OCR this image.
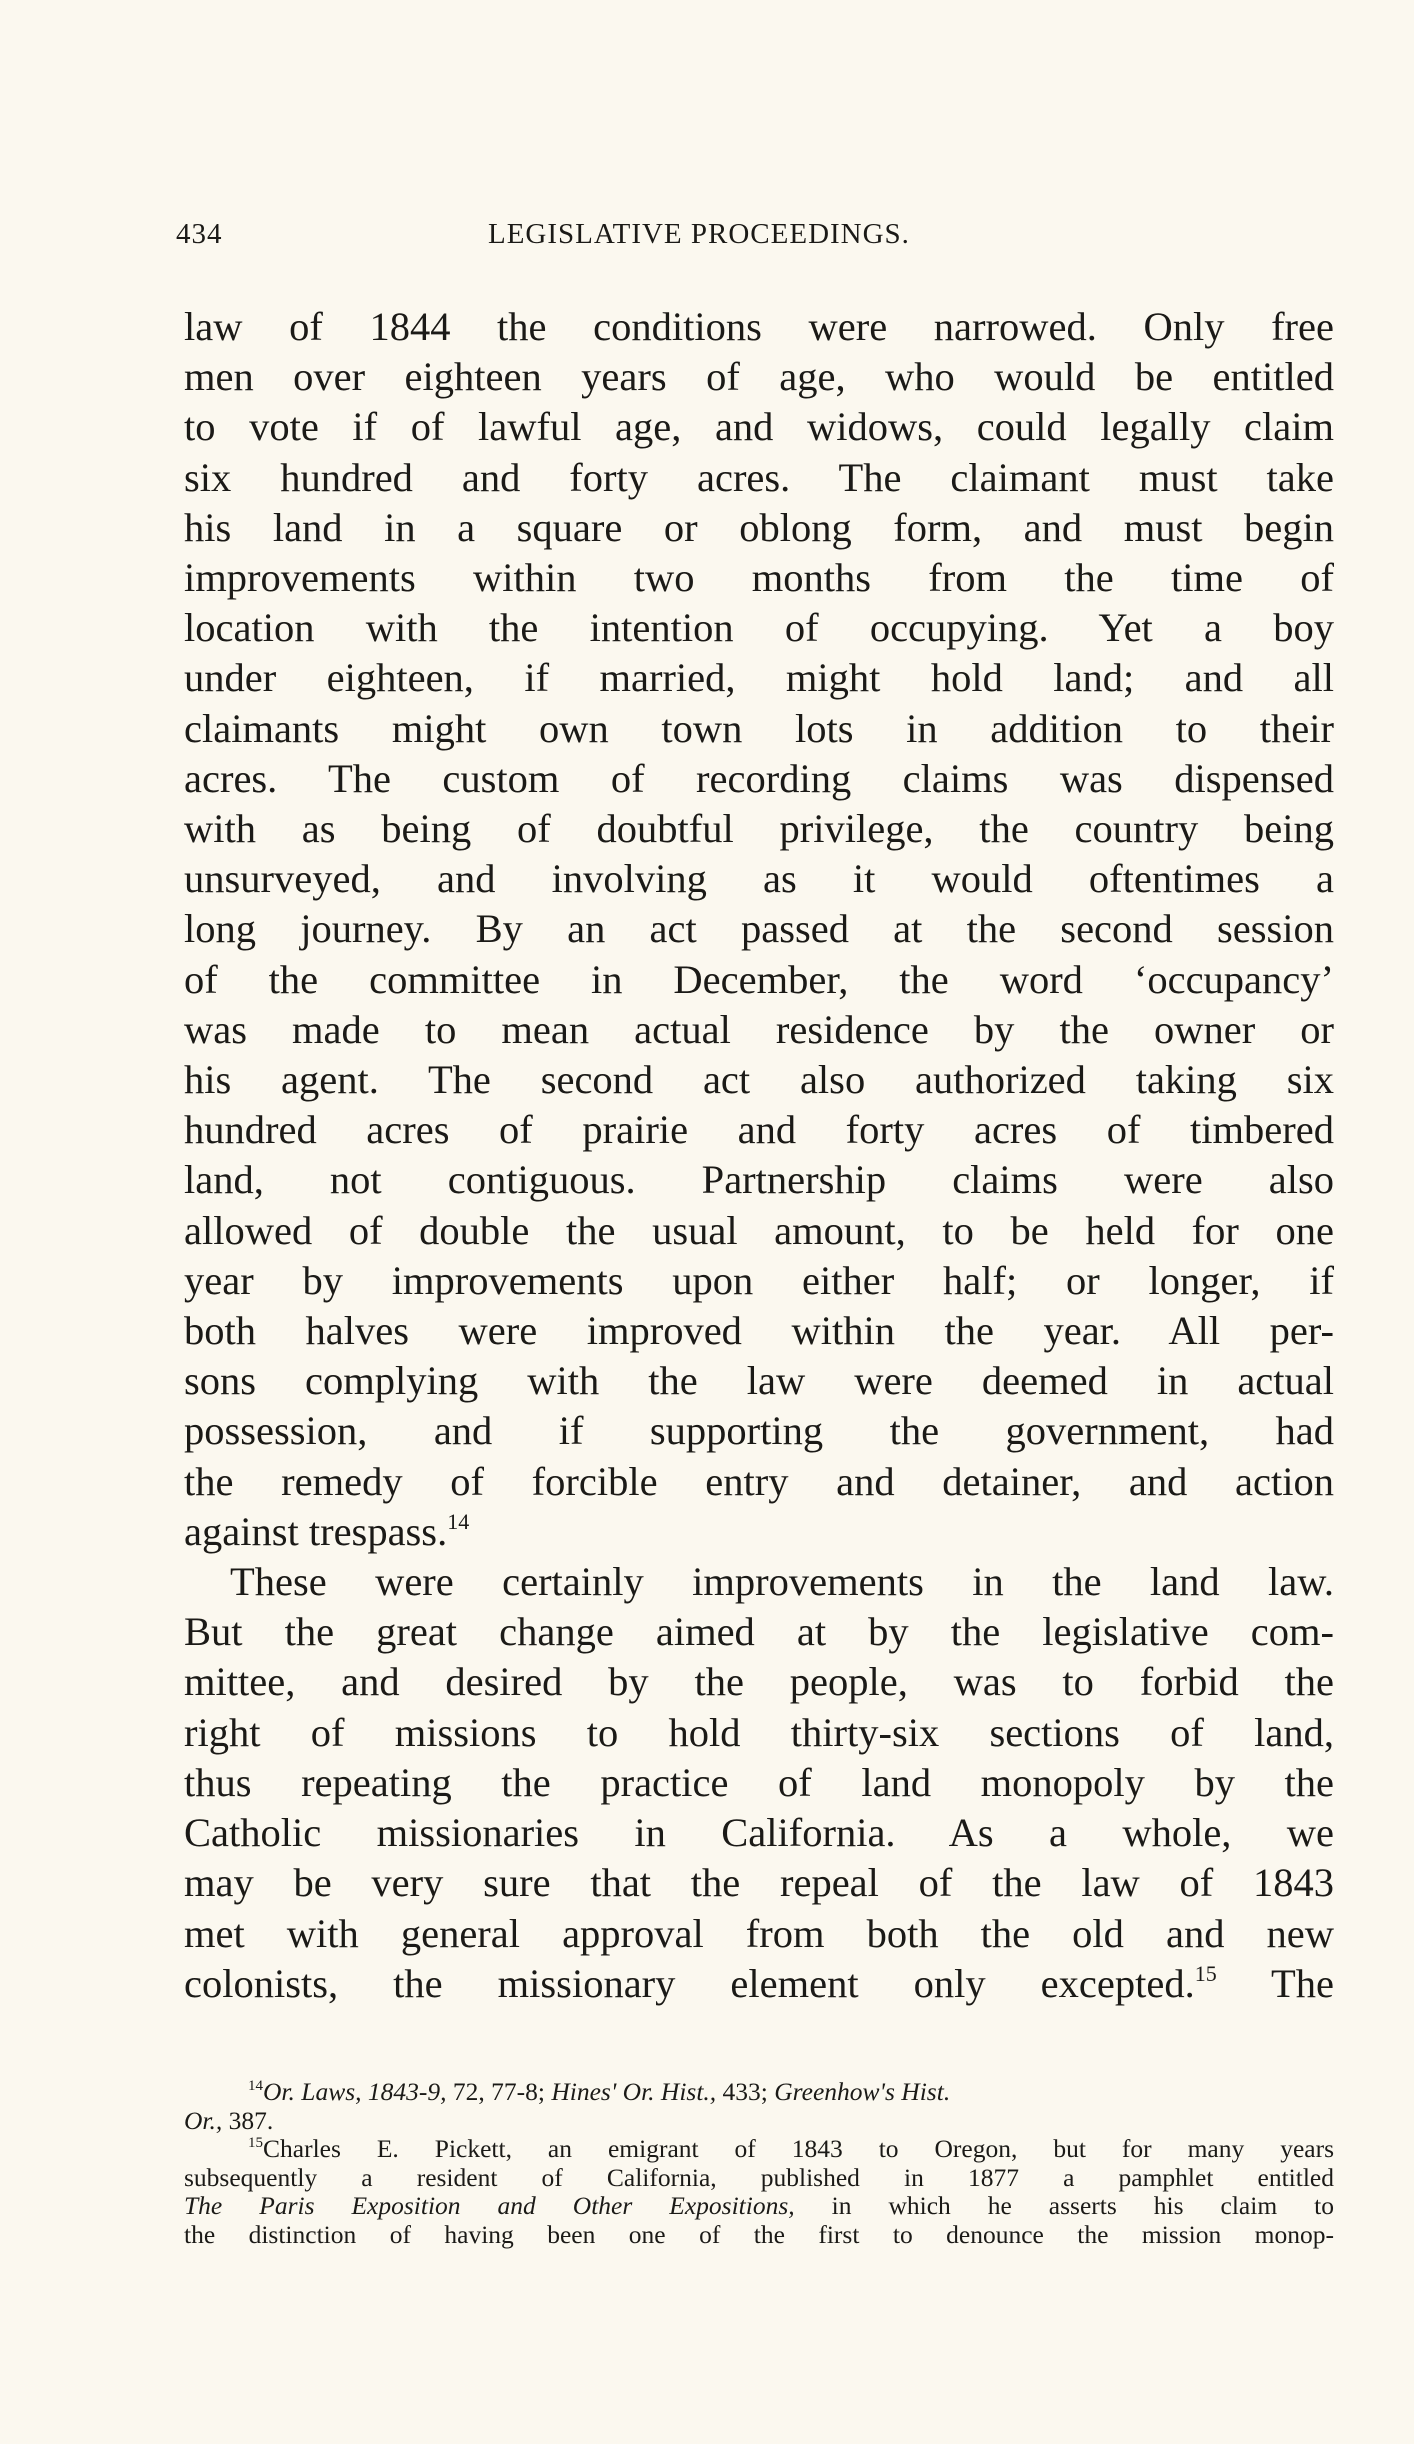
434	LEGISLATIVE PROCEEDINGS.
law of 1844 the conditions were narrowed. Only free
men over eighteen years of age, who would be entitled
to vote if of lawful age, and widows, could legally claim
six hundred and forty acres. The claimant must take
his land in a square or oblong form, and must begin
improvements within two months from the time of
location with the intention of occupying. Yet a boy
under eighteen, if married, might hold land; and all
claimants might own town lots in addition to their
acres. The custom of recording claims was dispensed
with as being of doubtful privilege, the country being
unsurveyed, and involving as it would oftentimes a
long journey. By an act passed at the second session
of the committee in December, the word ‘occupancy’
was made to mean actual residence by the owner or
his agent. The second act also authorized taking six
hundred acres of prairie and forty acres of timbered
land, not contiguous. Partnership claims were also
allowed of double the usual amount, to be held for one
year by improvements upon either half; or longer, if
both halves were improved within the year. All per-
sons complying with the law were deemed in actual
possession, and if supporting the government, had
the remedy of forcible entry and detainer, and action
against trespass.$^{14}$
These were certainly improvements in the land law.
But the great change aimed at by the legislative com-
mittee, and desired by the people, was to forbid the
right of missions to hold thirty-six sections of land,
thus repeating the practice of land monopoly by the
Catholic missionaries in California. As a whole, we
may be very sure that the repeal of the law of 1843
met with general approval from both the old and new
colonists, the missionary element only excepted.$^{15}$ The
$^{14}$Or. Laws, 1843-9, 72, 77-8; Hines' Or. Hist., 433; Greenhow's Hist.
Or., 387.
$^{15}$Charles E. Pickett, an emigrant of 1843 to Oregon, but for many years
subsequently a resident of California, published in 1877 a pamphlet entitled
The Paris Exposition and Other Expositions, in which he asserts his claim to
the distinction of having been one of the first to denounce the mission monop-
